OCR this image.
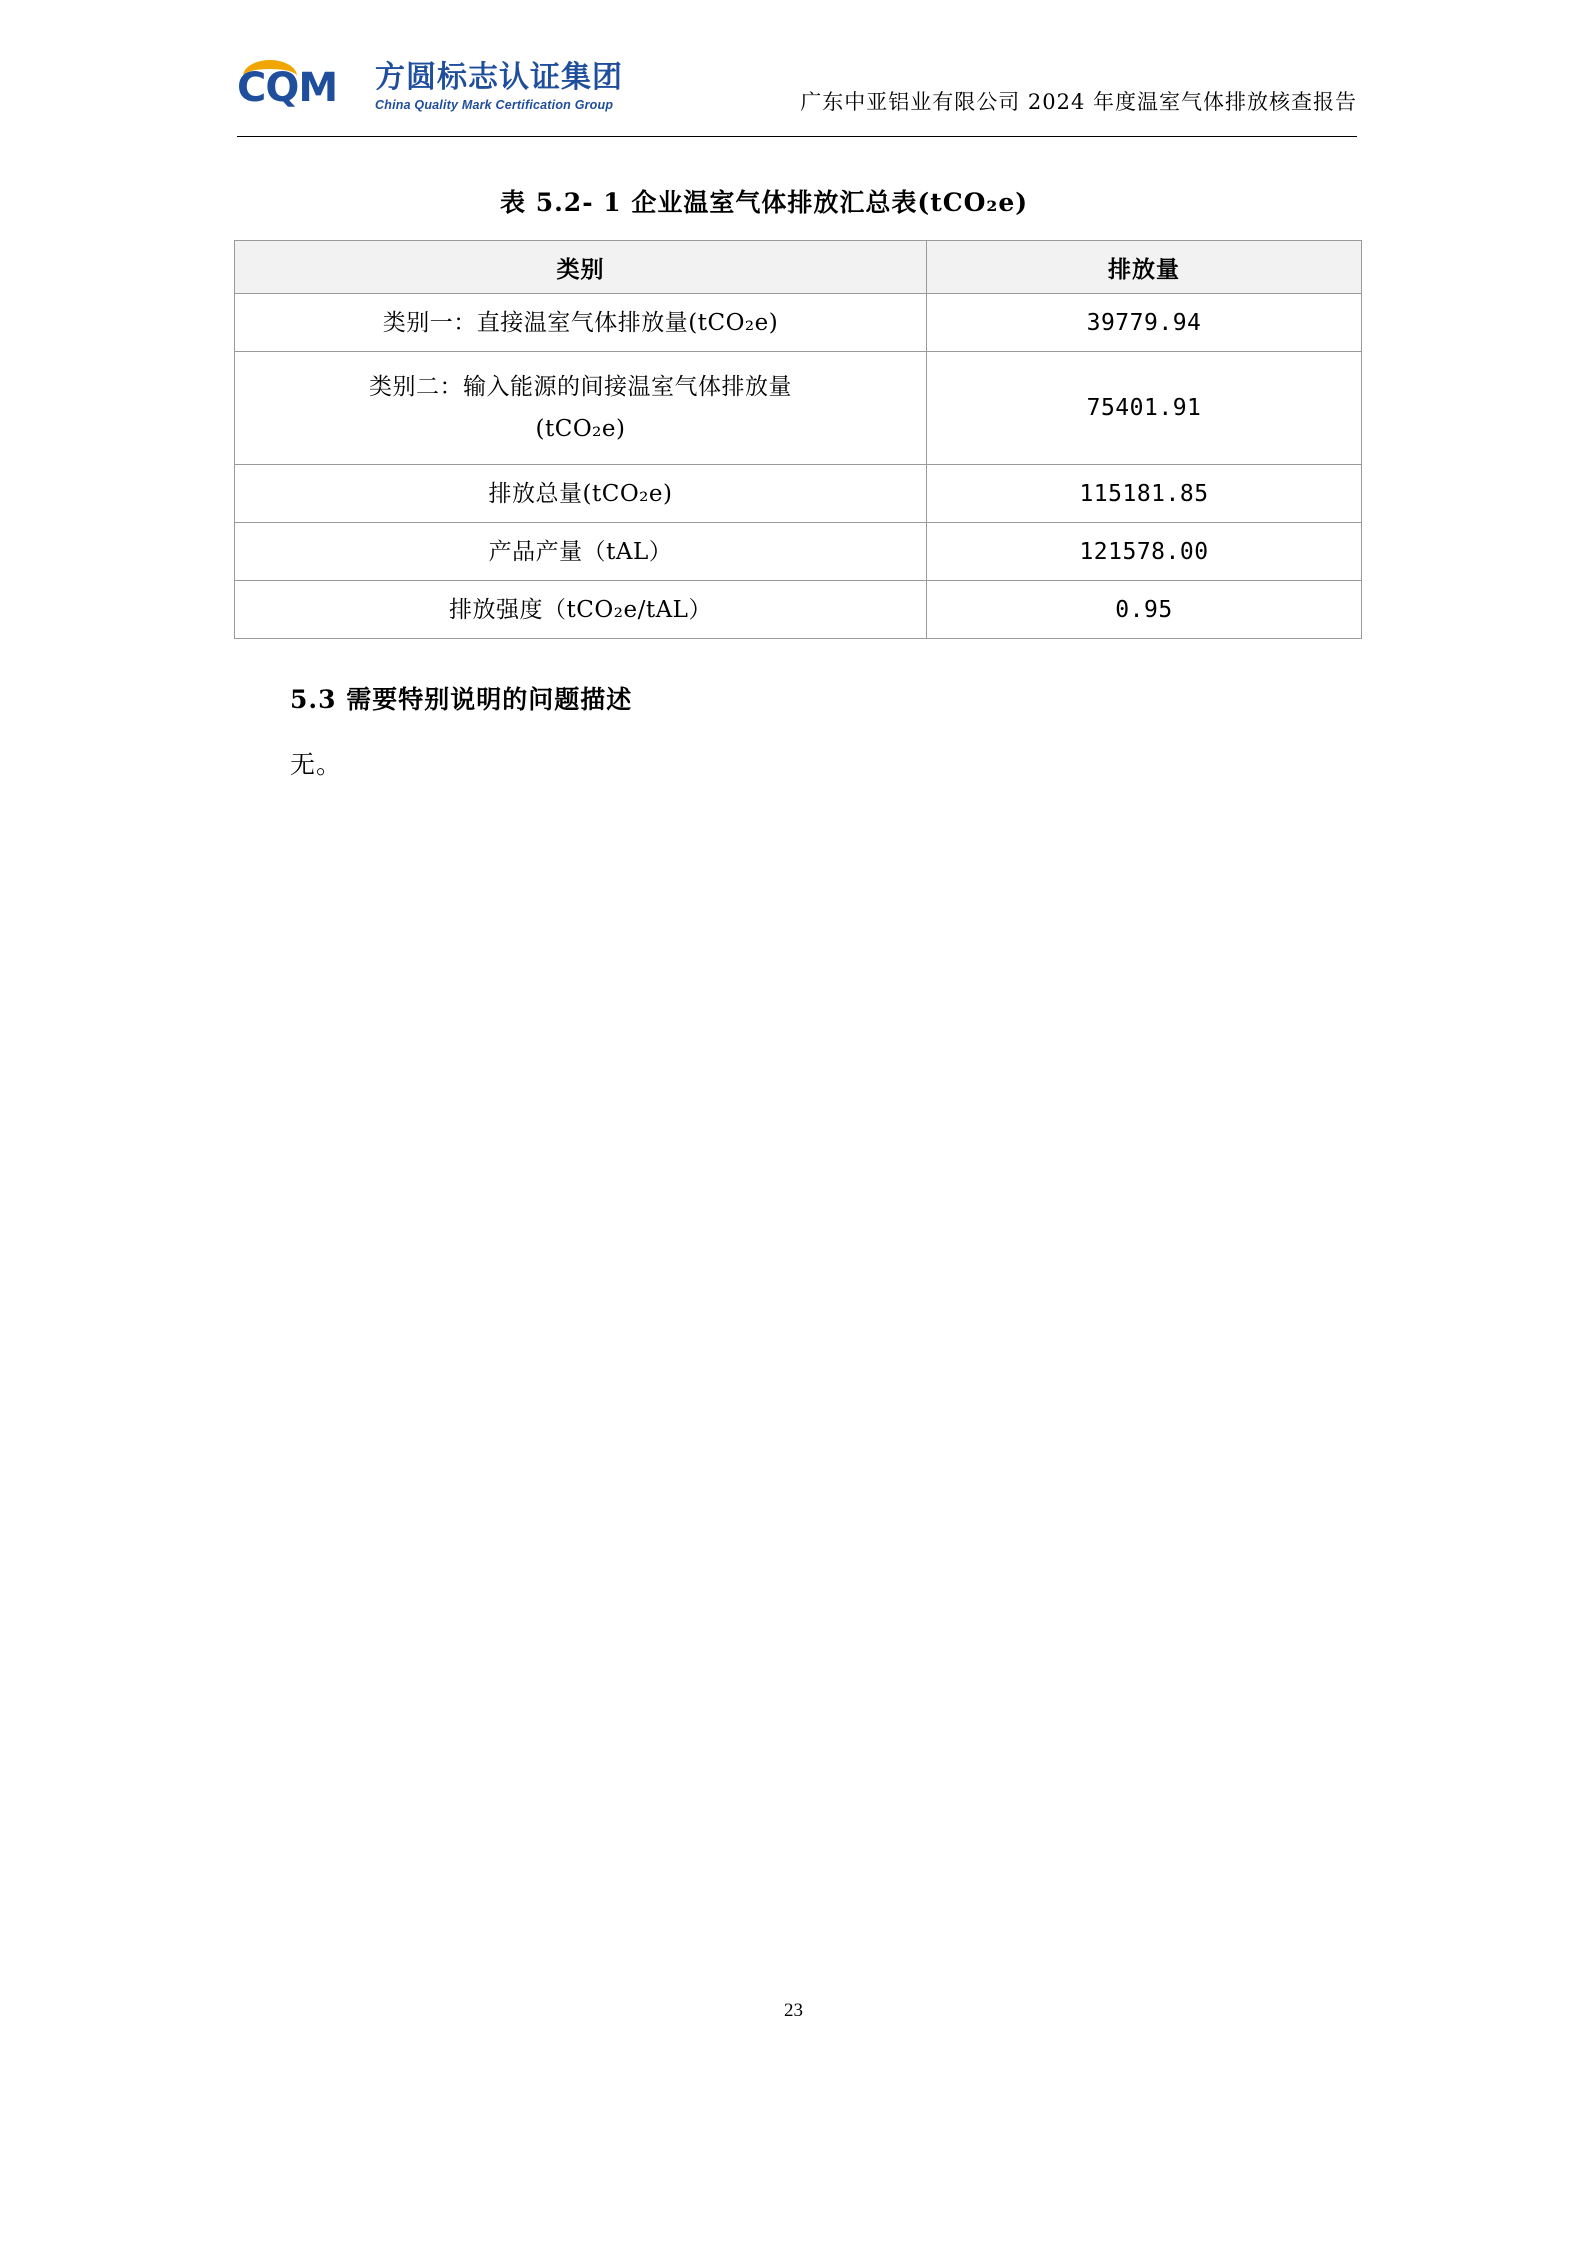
CQM 方圆标志认证集团
China Quality Mark Certification Group	广东中亚铝业有限公司 2024 年度温室气体排放核查报告
表 5.2- 1 企业温室气体排放汇总表(tCO₂e)
类别	排放量
类别一：直接温室气体排放量(tCO₂e)	39779.94

类别二：输入能源的间接温室气体排放量
(tCO₂e)	75401.91
排放总量(tCO₂e)	115181.85
产品产量（tAL）	121578.00
排放强度（tCO₂e/tAL）	0.95
5.3 需要特别说明的问题描述
无。
23
